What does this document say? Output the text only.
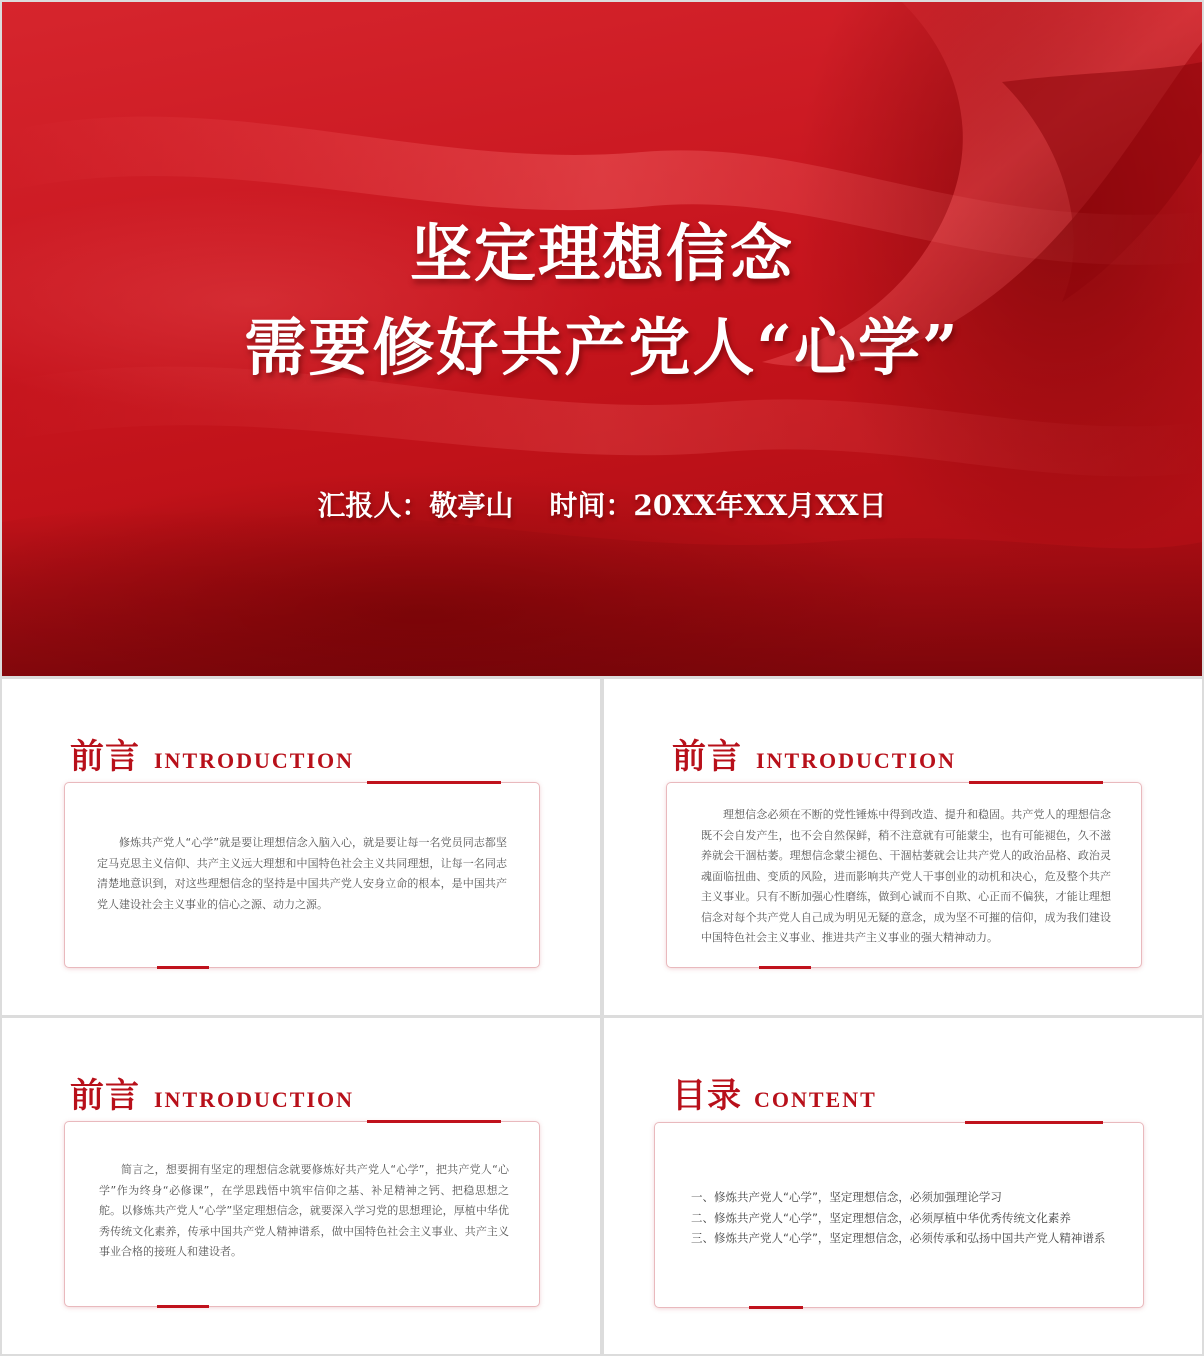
坚定理想信念
需要修好共产党人“心学”
汇报人：敬亭山 时间：20XX年XX月XX日
前言 INTRODUCTION

修炼共产党人“心学”就是要让理想信念入脑入心，就是要让每一名党员同志都坚定马克思主义信仰、共产主义远大理想和中国特色社会主义共同理想，让每一名同志清楚地意识到，对这些理想信念的坚持是中国共产党人安身立命的根本，是中国共产党人建设社会主义事业的信心之源、动力之源。

前言 INTRODUCTION

理想信念必须在不断的党性锤炼中得到改造、提升和稳固。共产党人的理想信念既不会自发产生，也不会自然保鲜，稍不注意就有可能蒙尘，也有可能褪色，久不滋养就会干涸枯萎。理想信念蒙尘褪色、干涸枯萎就会让共产党人的政治品格、政治灵魂面临扭曲、变质的风险，进而影响共产党人干事创业的动机和决心，危及整个共产主义事业。只有不断加强心性磨练，做到心诚而不自欺、心正而不偏狭，才能让理想信念对每个共产党人自己成为明见无疑的意念，成为坚不可摧的信仰，成为我们建设中国特色社会主义事业、推进共产主义事业的强大精神动力。

前言 INTRODUCTION

简言之，想要拥有坚定的理想信念就要修炼好共产党人“心学”，把共产党人“心学”作为终身“必修课”，在学思践悟中筑牢信仰之基、补足精神之钙、把稳思想之舵。以修炼共产党人“心学”坚定理想信念，就要深入学习党的思想理论，厚植中华优秀传统文化素养，传承中国共产党人精神谱系，做中国特色社会主义事业、共产主义事业合格的接班人和建设者。

目录 CONTENT
一、修炼共产党人“心学”，坚定理想信念，必须加强理论学习
二、修炼共产党人“心学”，坚定理想信念，必须厚植中华优秀传统文化素养
三、修炼共产党人“心学”，坚定理想信念，必须传承和弘扬中国共产党人精神谱系
